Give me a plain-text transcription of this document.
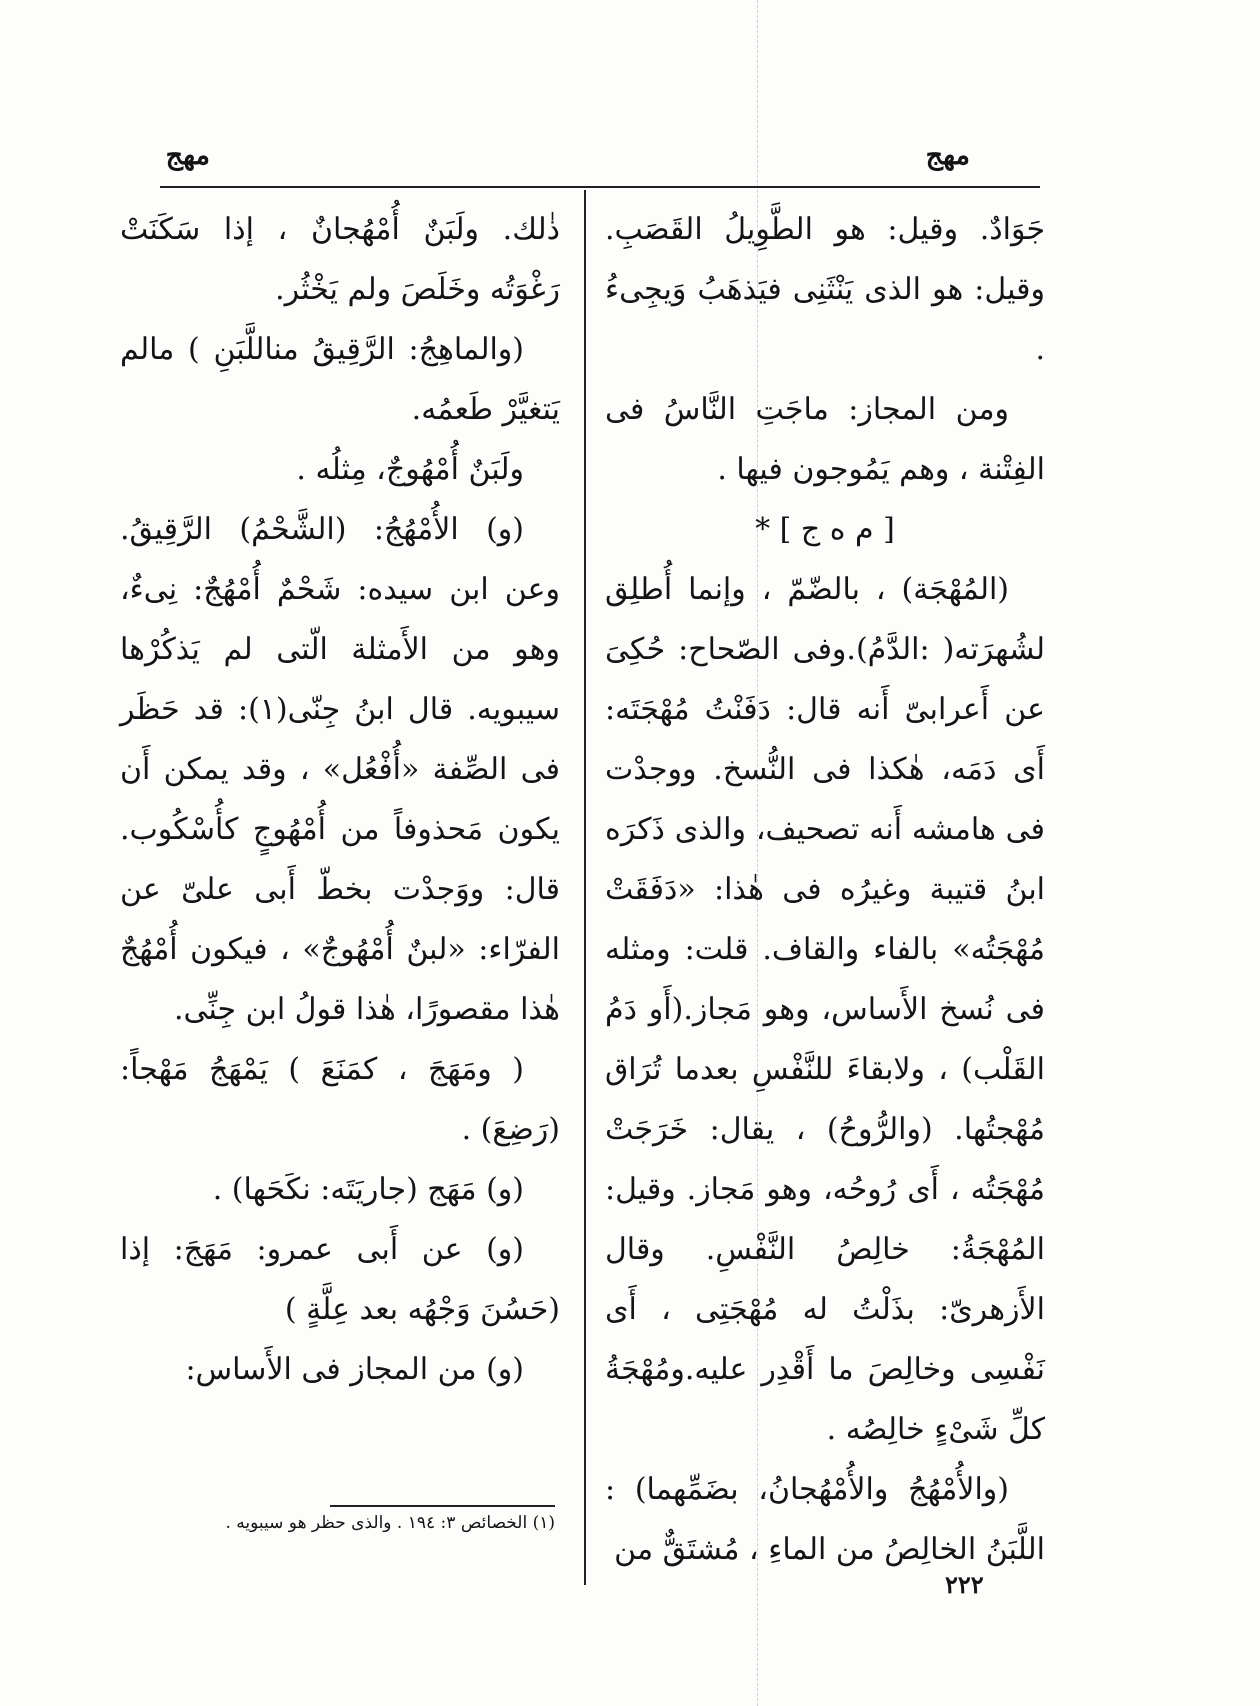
مهج
مهج

جَوَادٌ. وقيل: هو الطَّوِيلُ القَصَبِ. وقيل: هو الذى يَنْثَنِى فيَذهَبُ وَيجِىءُ .

ومن المجاز: ماجَتِ النَّاسُ فى الفِتْنة ، وهم يَمُوجون فيها .

[ م ه ج ] *

(المُهْجَة) ، بالضّمّ ، وإنما أُطلِق لشُهرَته( :الدَّمُ).وفى الصّحاح: حُكِىَ عن أَعرابىّ أَنه قال: دَفَنْتُ مُهْجَتَه: أَى دَمَه، هٰكذا فى النُّسخ. ووجدْت فى هامشه أَنه تصحيف، والذى ذَكرَه ابنُ قتيبة وغيرُه فى هٰذا: «دَفَقَتْ مُهْجَتُه» بالفاء والقاف. قلت: ومثله فى نُسخ الأَساس، وهو مَجاز.(أَو دَمُ القَلْب) ، ولابقاءَ للنَّفْسِ بعدما تُرَاق مُهْجتُها. (والرُّوحُ) ، يقال: خَرَجَتْ مُهْجَتُه ، أَى رُوحُه، وهو مَجاز. وقيل: المُهْجَةُ: خالِصُ النَّفْسِ. وقال الأَزهرىّ: بذَلْتُ له مُهْجَتِى ، أَى نَفْسِى وخالِصَ ما أَقْدِر عليه.ومُهْجَةُ كلِّ شَىْءٍ خالِصُه .

(والأُمْهُجُ والأُمْهُجانُ، بضَمِّهما) : اللَّبَنُ الخالِصُ من الماءِ ، مُشتَقٌّ من

ذٰلك. ولَبَنٌ أُمْهُجانٌ ، إذا سَكَنَتْ رَغْوَتُه وخَلَصَ ولم يَخْثُر.

(والماهِجُ: الرَّقِيقُ مناللَّبَنِ ) مالم يَتغيَّرْ طَعمُه.

ولَبَنٌ أُمْهُوجٌ، مِثلُه .

(و) الأُمْهُجُ: (الشَّحْمُ) الرَّقِيقُ. وعن ابن سيده: شَحْمٌ أُمْهُجٌ: نِىءٌ، وهو من الأَمثلة الّتى لم يَذكُرْها سيبويه. قال ابنُ جِنّى(١): قد حَظَر فى الصِّفة «أُفْعُل» ، وقد يمكن أَن يكون مَحذوفاً من أُمْهُوجٍ كأُسْكُوب. قال: ووَجدْت بخطّ أَبى علىّ عن الفرّاء: «لبنٌ أُمْهُوجٌ» ، فيكون أُمْهُجٌ هٰذا مقصورًا، هٰذا قولُ ابن جِنِّى.

( ومَهَجَ ، كمَنَعَ ) يَمْهَجُ مَهْجاً: (رَضِعَ) .

(و) مَهَج (جاريَتَه: نكَحَها) .

(و) عن أَبى عمرو: مَهَجَ: إذا (حَسُنَ وَجْهُه بعد عِلَّةٍ )

(و) من المجاز فى الأَساس:

(١) الخصائص ٣: ١٩٤ . والذى حظر هو سيبويه .
٢٢٢
